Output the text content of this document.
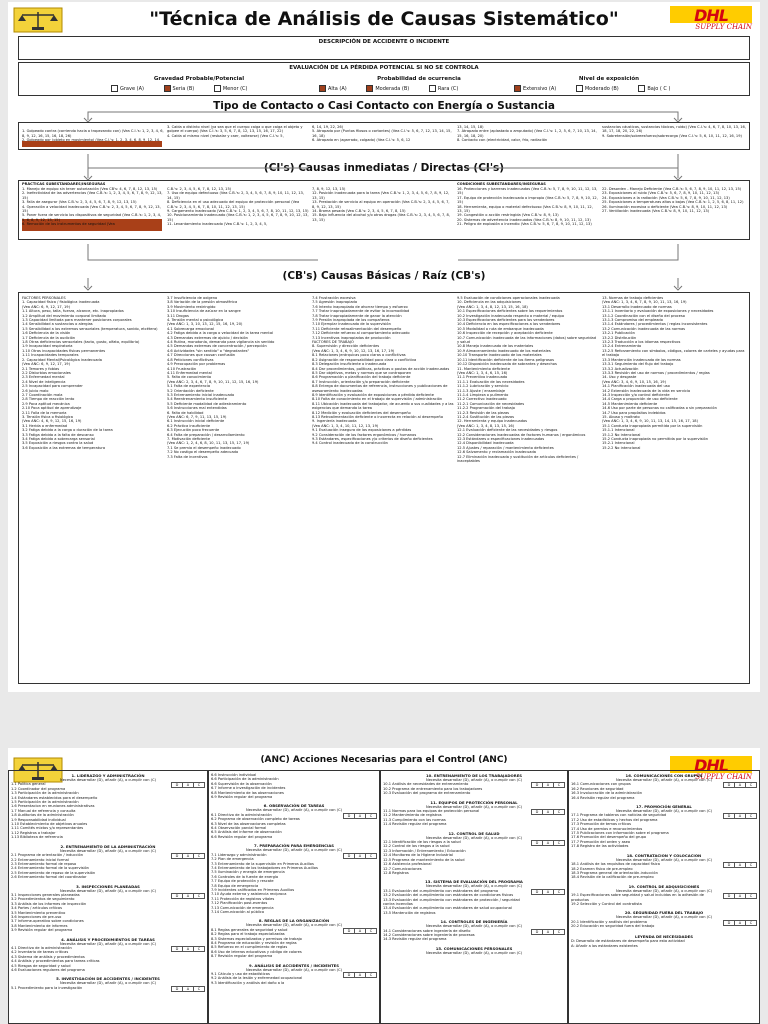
"Técnica de Análisis de Causas Sistemático"	DHL
SUPPLY CHAIN
DESCRIPCIÓN DE ACCIDENTE O INCIDENTE
EVALUACIÓN DE LA PÉRDIDA POTENCIAL SI NO SE CONTROLA
Gravedad Probable/Potencial	Probabilidad de ocurrencia	Nivel de exposición
Grave (A)	Seria (B)	Menor (C)	Alta (A)	Moderada (B)	Rara (C)	Extensivo (A)	Moderado (B)	Bajo ( C )
Tipo de Contacto o Casi Contacto con Energía o Sustancia

1. Golpeado contra (corriendo hacia o tropezando con) (Vea C.I.'s: 1, 2, 3, 4, 6, 8, 9, 12, 16, 15, 16, 18, 26)

3. Caída a distinto nivel (ya sea que el cuerpo caiga o que caiga el objeto y golpee el cuerpo) (Vea C.I.'s: 3, 5, 6, 7, 8, 12, 13, 15, 16, 17, 22)
4. Caída al mismo nivel (resbalar y caer, voltearse) (Vea C.I.'s: 5,
6, 14, 19, 22, 26)
5. Atrapado por (Puntos filosos o cortantes) (Vea C.I.'s: 5, 6, 7, 12, 13, 14, 15, 16, 18)
6. Atrapado en (agarrado, colgado) (Vea C.I.'s: 5, 6, 12
13, 14, 15, 18)
7. Atrapado entre (aplastado o amputado) (Vea C.I.'s: 1, 2, 5, 6, 7, 10, 13, 14, 15, 16, 18, 20)
8. Contacto con (electricidad, calor, frío, radiación
sustancias cáusticas, sustancias tóxicas, ruido) (Vea C.I.'s: 4, 6, 7, 8, 10, 13, 16, 18, 17, 18, 20, 22, 26)
9. Sobretensión/sobreesfuerzo/sobrecarga (Vea C.I.'s: 5, 6, 10, 11, 12, 16, 19)
(CI's) Causas inmediatas / Directas (CI's)
PRÁCTICAS SUBESTÁNDARES/INSEGURAS	CONDICIONES SUBESTÁNDARES/INSEGURAS
1. Manejo de equipo sin tener autorización (Vea CB's: 4, 6, 7, 8, 12, 13, 15)
2. Inefectividad de las advertencias (Vea C.B.'s: 1, 2, 3, 4, 5, 6, 7, 8, 9, 12, 13, 15)
3. Falla de asegurar (Vea C.B.'s: 2, 3, 4, 5, 6, 7, 8, 9, 12, 13, 15)
4. Operación a velocidad inadecuada (Vea C.B.'s: 2, 3, 4, 5, 6, 7, 8, 9, 12, 13, 15)
5. Poner fuera de servicio los dispositivos de seguridad (Vea C.B.'s: 1, 2, 3, 4, 5, 6, 8, 9, 12, 13, 15)
6. Remoción de los instrumentos de seguridad (Vea
C.B.'s: 2, 3, 4, 5, 6, 7, 8, 12, 13, 15)
7. Uso de equipo defectuoso (Vea C.B.'s: 2, 3, 4, 5, 6, 7, 8, 9, 10, 11, 12, 13, 14, 15)
8. Deficiencia en el uso adecuado del equipo de protección personal (Vea C.B.'s: 2, 3, 4, 5, 6, 7, 8, 10, 11, 12, 13, 15)
9. Cargamento inadecuado (Vea C.B.'s: 1, 2, 3, 4, 5, 6, 7, 8, 10, 11, 12, 13, 15)
10. Posicionamiento inadecuado (Vea C.B.'s: 1, 2, 3, 4, 5, 6, 7, 8, 9, 10, 12, 13, 15)
11. Levantamiento inadecuado (Vea C.B.'s: 1, 2, 3, 4, 5,
7, 8, 9, 12, 13, 15)
12. Posición inadecuada para la tarea (Vea C.B.'s: 1, 2, 3, 4, 5, 6, 7, 8, 9, 12, 13, 15)
13. Prestación de servicio al equipo en operación (Vea C.B.'s: 2, 3, 4, 5, 6, 7, 8, 9, 12, 13, 15)
14. Broma pesada (Vea C.B.'s: 2, 3, 4, 5, 6, 7, 8, 15)
15. Bajo influencia del alcohol y/o otras drogas (Vea C.B.'s: 2, 3, 4, 5, 6, 7, 8, 13, 15)
16. Protecciones y barreras inadecuadas (Vea C.B.'s: 5, 7, 8, 9, 10, 11, 12, 13, 15)
17. Equipo de protección inadecuado o impropio (Vea C.B.'s: 5, 7, 8, 9, 10, 12, 15)
18. Herramienta, equipo o material defectuoso (Vea C.B.'s: 8, 9, 10, 11, 12, 13, 15)
19. Congestión o acción restringida (Vea C.B.'s: 8, 9, 13)
20. Sistemas de advertencia inadecuados (Vea C.B.'s: 8, 9, 10, 11, 12, 13)
21. Peligro de explosión o incendio (Vea C.B.'s: 5, 6, 7, 8, 9, 10, 11, 12, 13)
22. Desorden - Manejo Deficiente (Vea C.B.'s: 5, 6, 7, 8, 9, 10, 11, 12, 13, 15)
23. Exposiciones al ruido (Vea C.B.'s: 5, 6, 7, 8, 9, 10, 11, 12, 13)
24. Exposiciones a la radiación (Vea C.B.'s: 5, 6, 7, 8, 9, 10, 11, 12, 13)
25. Exposiciones a temperaturas altas o bajas (Vea C.B.'s: 1, 2, 5, 6, 8, 11, 12)
26. Iluminación excesiva o deficiente (Vea C.B.'s: 8, 9, 10, 11, 12, 13)
27. Ventilación inadecuada (Vea C.B.'s: 8, 9, 10, 11, 12, 13)
(CB's) Causas Básicas / Raíz (CB's)
FACTORES PERSONALES
1. Capacidad física / fisiológica inadecuada
(Vea ANC: 6, 9, 12, 17, 19)
1.1 Altura, peso, talla, fuerza, alcance, etc. inapropiados
1.2 Amplitud del movimiento corporal limitado
1.3 Capacidad limitada para mantener posiciones corporales
1.4 Sensibilidad a sustancias o alergias
1.5 Sensibilidad a los extremos sensoriales (temperatura, sonido, etcétera)
1.6 Deficiencia de la visión
1.7 Deficiencia de la audición
1.8 Otras deficiencias sensoriales (tacto, gusto, olfato, equilibrio)
1.9 Incapacidad respiratoria
1.10 Otras incapacidades físicas permanentes
1.11 Incapacidades temporales
2. Capacidad Mental/Psicológica inadecuada
(Vea ANC: 6, 9, 12, 17, 19)
2.1 Temores y fobias
2.2 Disturbios emocionales
2.3 Enfermedad mental
2.4 Nivel de inteligencia
2.5 Incapacidad para comprender
2.6 Juicio malo
2.7 Coordinación mala
2.8 Tiempo de reacción lento
2.9 Poca aptitud mecánica
2.10 Poca aptitud de aprendizaje
2.11 Falla de la memoria
3. Tensión física o fisiológica
(Vea ANC: 4, 6, 9, 12, 15, 16, 19)
3.1 Herida o enfermedad
3.2 Fatiga debida a la carga o duración de la tarea
3.3 Fatiga debida a la falta de descanso
3.4 Fatiga debida a sobrecarga sensorial
3.5 Exposición a riesgos contra la salud
3.6 Exposición a las extremas de temperatura
3.7 Insuficiencia de oxígeno
3.8 Variación de la presión atmosférica
3.9 Movimiento restringido
3.10 Insuficiencia de azúcar en la sangre
3.11 Drogas
4. Tensión mental o psicológica
(Vea ANC: 1, 3, 10, 13, 12, 15, 16, 19, 20)
4.1 Sobrecarga emocional
4.2 Fatiga debida a la carga o velocidad de la tarea mental
4.3 Demandas extremas de ajuicio / decisión
4.4 Rutina, monotonía, demanda para vigilancia sin sentido
4.5 Demandas extremas de concentración / percepción
4.6 Actividades "sin sentido" o "degradantes"
4.7 Direcciones que causan confusión
4.8 Peticiones conflictivas
4.9 Preocupación por problemas
4.10 Frustración
4.11 Enfermedad mental
5. Falta de conocimiento
(Vea ANC: 2, 3, 4, 6, 7, 8, 9, 10, 11, 12, 15, 16, 19)
5.1 Falta de experiencia
5.2 Orientación deficiente
5.3 Entrenamiento inicial inadecuado
5.4 Reentrenamiento insuficiente
5.5 Deficiente modalidad de adiestramiento
5.6 Instrucciones mal entendidas
6. Falta de habilidad
(Vea ANC: 6, 7, 9, 11, 13, 15, 19)
6.1 Instrucción inicial deficiente
6.2 Práctica insuficiente
6.3 Ejecución poco frecuente
6.4 Falta de preparación / desarrollamiento
7. Motivación deficiente
(Vea ANC: 1, 2, 4, 6, 8, 10, 11, 13, 15, 17, 19)
7.1 Se premia el desempeño inadecuado
7.2 No castigo el desempeño adecuado
7.3 Falta de incentivos
7.4 Frustración excesiva
7.5 Agresión inapropiada
7.6 Intento inapropiado de ahorrar tiempo y esfuerzo
7.7 Tratar inapropiadamente de evitar la incomodidad
7.8 Tratar inapropiadamente de ganar la atención
7.9 Presión inapropiada de los compañeros
7.10 Ejemplar inadecuado de la supervisión
7.11 Deficiente retroalimentación del desempeño
7.12 Deficiente refuerzo al comportamiento adecuado
7.13 Incentivos inapropiados de producción
FACTORES DE TRABAJO
8. Supervisión y dirección deficientes
(Vea ANC: 1, 3, 4, 6, 9, 10, 12, 13, 16, 17, 19)
8.1 Relaciones jerárquicas poco claras o conflictivas
8.2 Asignación de responsabilidad poco clara o conflictiva
8.3 Delegación insuficiente o inadecuada
8.4 Dar procedimientos, políticas, prácticas o pautas de acción inadecuadas
8.5 Dar objetivos, metas y normas que se contraponen
8.6 Programación o planificación del trabajo deficiente
8.7 Instrucción, orientación y/o preparación deficiente
8.8 Entrega de documentos de referencia, instrucciones y publicaciones de asesoramiento inadecuadas
8.9 Identificación y evaluación de exposiciones a pérdida deficiente
8.10 Falta de conocimiento en el trabajo de supervisión / administración
8.11 Ubicación inadecuada del trabajador, de acuerdo a sus cualidades y a las exigencias que demanda la tarea
8.12 Medición y evaluación deficientes del desempeño
8.13 Retroalimentación deficiente o incorrecta en relación al desempeño
9. Ingeniería inadecuada
(Vea ANC: 1, 3, 4, 10, 11, 12, 13, 19)
9.1 Evaluación insegura de las exposiciones a pérdidas
9.2 Consideración de los factores ergonómicos / humanos
9.3 Estándares, especificaciones y/o criterios de diseño deficientes
9.4 Control inadecuado de la construcción
9.5 Evaluación de condiciones operacionales inadecuada
10. Deficiencia en las adquisiciones
(Vea ANC: 1, 3, 4, 8, 12, 13, 15, 16, 18)
10.1 Especificaciones deficientes sobre los requerimientos
10.2 Investigación inadecuada respecto a material / equipo
10.3 Especificaciones deficientes para los vendedores
10.4 Deficiencia en las especificaciones a los vendedores
10.5 Modalidad o ruta de embarque inadecuada
10.6 Inspección de recepción y aceptación deficiente
10.7 Comunicación inadecuada de las informaciones (datos) sobre seguridad y salud
10.8 Manejo inadecuado de los materiales
10.9 Almacenamiento inadecuado de los materiales
10.10 Transporte inadecuado de los materiales
10.11 Identificación deficiente de los ítems peligrosos
10.12 Disposición inadecuada de sobrantes y desechos
11. Mantenimiento deficiente
(Vea ANC: 1, 3, 4, 6, 15, 16)
11.1 Preventivo inadecuado
11.1.1 Evaluación de las necesidades
11.1.2 Lubricación y servicio
11.1.3 Ajuste / ensamblaje
11.1.4 Limpieza o pulimento
11.2 Correctivo inadecuado
11.2.1 Comunicación de necesidades
11.2.2 Programación del trabajo
11.2.3 Revisión de las piezas
11.2.4 Sustitución de las piezas
12. Herramienta y equipo inadecuados
(Vea ANC: 1, 3, 4, 8, 13, 15, 16)
12.1 Evaluación deficiente de las necesidades y riesgos
12.2 Consideraciones inadecuadas de factores humanos / ergonómicos
12.3 Estándares o especificaciones inadecuadas
12.4 Disponibilidad inadecuada
12.5 Ajustes / reparación / mantenimiento deficientes
12.6 Salvamento y reclamación inadecuada
12.7 Eliminación inadecuada y sustitución de artículos deficientes / inaceptables
13. Normas de trabajo deficientes
(Vea ANC: 1, 3, 4, 6, 7, 8, 9, 10, 11, 13, 16, 19)
13.1 Desarrollo inadecuado de normas
13.1.1 Inventario y evaluación de exposiciones y necesidades
13.1.2 Coordinación con el diseño del proceso
13.1.3 Compromiso del empleado
13.1.4 Estándares / procedimientos / reglas inconsistentes
13.2 Comunicación inadecuada de las normas
13.2.1 Publicación
13.2.2 Distribución
13.2.3 Traducción a los idiomas respectivos
13.2.4 Entrenamiento
13.2.5 Reforzamiento con símbolos, códigos, colores de carteles y ayudas para el trabajo
13.3 Mantención inadecuada de las normas
13.3.1 Seguimiento del flujo del trabajo
13.3.2 Actualización
13.3.3 Revisión del uso de normas / procedimientos / reglas
14. Uso y desgaste
(Vea ANC: 3, 4, 6, 9, 10, 15, 16, 19)
14.1 Planificación inadecuada del uso
14.2 Extensión inadecuada de la vida en servicio
14.3 Inspección y/o control deficiente
14.4 Carga o proporción de uso deficiente
14.5 Mantenimiento deficiente
14.6 Uso por parte de personas no calificadas o sin preparación
14.7 Uso para propósitos indebidos
15. Abuso y maltrato
(Vea ANC: 1, 3, 4, 6, 9, 10, 11, 13, 14, 15, 16, 17, 18)
15.1 Conducta inapropiada permitida por la supervisión
15.1.1 Intencional
15.1.2 No intencional
15.2 Conducta inapropiada no permitida por la supervisión
15.2.1 Intencional
15.2.2 No intencional
DHL
SUPPLY CHAIN
(ANC) Acciones Necesarias para el Control (ANC)
1. LIDERAZGO Y ADMINISTRACIÓN
Necesita desarrollar (D), añadir (A), o cumplir con (C)
1.1 Política general
1.2 Coordinador del programa
1.3 Participación de la administración
1.4 Estándares establecidos para el desempeño
1.5 Participación de la administración
1.6 Presentacion en reuniones administrativas
1.7 Manual de referencia y consulta
1.8 Auditorias de la administración
1.9 Responsabilidad individual
1.10 Establecimiento de objetivos anuales
1.11 Comités mixtos y/o representantes
1.12 Registros a trabajar
1.13 Biblioteca de referencia
D A C
2. ENTRENAMIENTO DE LA ADMINISTRACIÓN
Necesita desarrollar (D), añadir (A), o cumplir con (C)
2.1 Programa de orientación / inducción
2.2 Entrenamiento inicial formal
2.3 Entrenamiento formal de repaso
2.4 Entrenamiento formal de la supervisión
2.5 Entrenamiento de repaso de la supervisión
2.6 Entrenamiento formal del coordinador
D A C
3. INSPECCIONES PLANEADAS
Necesita desarrollar (D), añadir (A), o cumplir con (C)
3.1 Inspecciones generales planeadas
3.2 Procedimientos de seguimiento
3.3 Análisis de los informes de inspección
3.4 Partes / artículos críticos
3.5 Mantenimiento preventivo
3.6 Inspecciones de pre-uso
3.7 Informe-operativo sobre condiciones
3.8 Mantenimiento de informes
3.9 Revisión regular del programa
D A C
4. ANÁLISIS Y PROCEDIMIENTOS DE TAREAS
Necesita desarrollar (D), añadir (A), o cumplir con (C)
4.1 Directivo de la administración
4.2 Inventario de tareas críticas
4.3 Sistema de análisis y procedimientos
4.4 Análisis y procedimientos para tareas críticas
4.5 Riesgos de seguridad y salud
4.6 Evaluaciones regulares del programa
D A C
5. INVESTIGACIÓN DE ACCIDENTES / INCIDENTES
Necesita desarrollar (D), añadir (A), o cumplir con (C)
5.1 Procedimiento para la investigación	D A C
6.6 Instrucción individual
6.6 Participación de la administración
6.6 Supervisión de la observación
6.7 Informe a investigación de incidentes
6.8 Mantenimiento de las observaciones
6.9 Revisión regular del programa
6. OBSERVACIÓN DE TAREAS
Necesita desarrollar (D), añadir (A), o cumplir con (C)
6.1 Directivo de la administración
6.2 Programa de observación completo de tareas
6.3 Nivel de las observaciones completas
6.4 Observación parcial formal
6.5 Análisis del informe de observación
6.6 Revisión regular del programa
D A C
7. PREPARACIÓN PARA EMERGENCIAS
Necesita desarrollar (D), añadir (A), o cumplir con (C)
7.1 Liderazgo y administración
7.2 Plan de emergencia
7.3 Entrenamiento de la supervisión en Primeros Auxilios
7.4 Entrenamiento de los trabajadores en Primeros Auxilios
7.5 Iluminación y energía de emergencia
7.6 Controles de la fuente de energía
7.7 Equipo de protección y rescate
7.8 Equipo de emergencia
7.9 Incidentes calificados en Primeros Auxilios
7.10 Ayuda externa y asistencia recíproca
7.11 Protección de registros vitales
7.12 Planificación post-eventos
7.13 Comunicación de emergencia
7.14 Comunicación al público
D A C
8. REGLAS DE LA ORGANIZACIÓN
Necesita desarrollar (D), añadir (A), o cumplir con (C)
8.1 Reglas generales de seguridad y salud
8.2 Reglas para el trabajo especializadas
8.3 Sistemas especializados y permisos de trabajo
8.4 Programa de educación y revisión de reglas
8.5 Refuerzo en el cumplimiento de reglas
8.6 Uso de letreros educativos y código de colores
8.7 Revisión regular del programa
D A C
9. ANÁLISIS DE ACCIDENTES / INCIDENTES
Necesita desarrollar (D), añadir (A), o cumplir con (C)
9.1 Cálculo y uso de estadísticas
9.2 Análisis de la lesión y enfermedad ocupacional
9.3 Identificación y análisis del daño a la
D A C
10. ENTRENAMIENTO DE LOS TRABAJADORES
Necesita desarrollar (D), añadir (A), o cumplir con (C)
10.1 Análisis de necesidades de entrenamiento
10.2 Programa de entrenamiento para los trabajadores
10.3 Evaluación del programa de entrenamiento
D A C
11. EQUIPOS DE PROTECCIÓN PERSONAL
Necesita desarrollar (D), añadir (A), o cumplir con (C)
11.1 Normas para los equipos de protección personal
11.2 Mantenimiento de registros
11.3 Cumplimiento con las normas
11.4 Revisión regular del programa
D A C
12. CONTROL DE SALUD
Necesita desarrollar (D), añadir (A), o cumplir con (C)
12.1 Identificación de los riesgos a la salud
12.2 Control de los riesgos a la salud
12.3 Información / Entrenamiento / Educación
12.4 Monitoreo de la Higiene Industrial
12.5 Programa de mantenimiento de la salud
12.6 Asistencia profesional
12.7 Comunicaciones
12.8 Registros
D A C
13. SISTEMA DE EVALUACIÓN DEL PROGRAMA
Necesita desarrollar (D), añadir (A), o cumplir con (C)
13.1 Evaluación del cumplimiento con estándares del programa
13.2 Evaluación del cumplimiento con estándares de condiciones físicas
13.3 Evaluación del cumplimiento con estándares de protección / seguridad contra incendios
13.4 Evaluación del cumplimiento con estándares de salud ocupacional
13.5 Mantención de registros
D A C
14. CONTROLES DE INGENIERÍA
Necesita desarrollar (D), añadir (A), o cumplir con (C)
14.1 Consideraciones sobre ingeniería de diseño
14.2 Consideraciones sobre ingeniería de procesos
14.3 Revisión regular del programa
D A C
15. COMUNICACIONES PERSONALES
Necesita desarrollar (D), añadir (A), o cumplir con (C)
16. COMUNICACIONES CON GRUPOS
Necesita desarrollar (D), añadir (A), o cumplir con (C)
16.1 Comunicaciones con grupos
16.2 Reuniones de seguridad
16.3 Involucración de la administración
16.4 Revisión regular del programa
D A C
17. PROMOCIÓN GENERAL
Necesita desarrollar (D), añadir (A), o cumplir con (C)
17.1 Programa de tableros con noticias de seguridad
17.2 Uso de estadísticas y hechos del programa
17.3 Promoción de temas críticos
17.4 Uso de premios e reconocimientos
17.5 Publicaciones con información sobre el programa
17.6 Promoción del desempeño del grupo
17.7 Promoción del orden y aseo
17.8 Registro de las actividades
D A C
18. CONTRATACION Y COLOCACION
Necesita desarrollar (D), añadir (A), o cumplir con (C)
18.1 Análisis de los requisitos de capacidad física
18.2 Examen físico de pre-empleo
18.3 Programa general de orientación-inducción
18.4 Revisión de la calificación de pre-empleo
D A C
19. CONTROL DE ADQUISICIONES
Necesita desarrollar (D), añadir (A), o cumplir con (C)
19.1 Especificaciones sobre seguridad y salud incluidas en la adhesión de productos
19.2 Selección y Control del contratista
D A C
20. SEGURIDAD FUERA DEL TRABAJO
Necesita desarrollar (D), añadir (A), o cumplir con (C)
20.1 Identificación y análisis del problema
20.2 Educación en seguridad fuera del trabajo
D A C
LEYENDA DE NECESIDADES
D: Desarrollo de estándares de desempeño para esta actividad
A: Añadir a los estándares existentes
